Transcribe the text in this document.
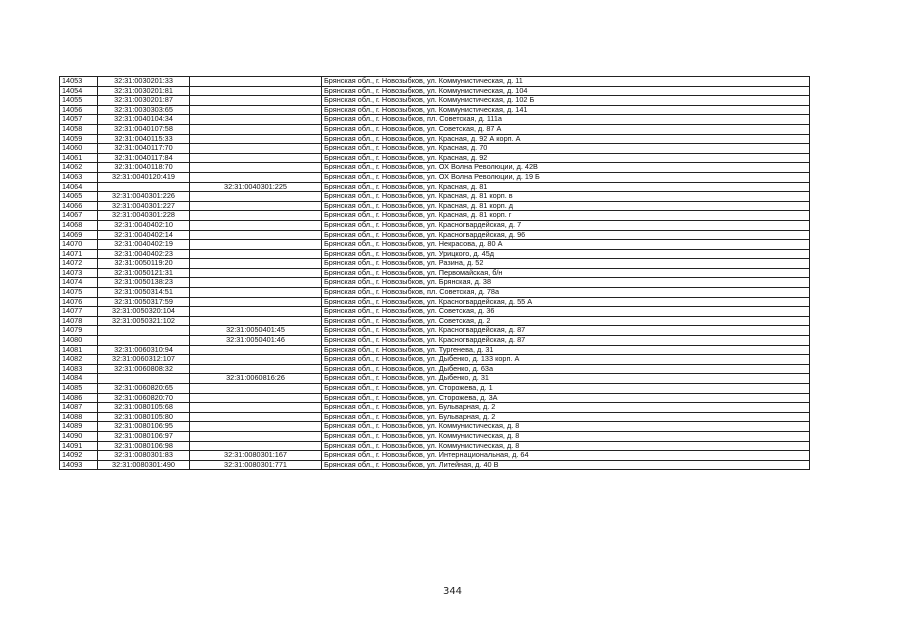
14053	32:31:0030201:33		Брянская обл., г. Новозыбков, ул. Коммунистическая, д. 11
14054	32:31:0030201:81		Брянская обл., г. Новозыбков, ул. Коммунистическая, д. 104
14055	32:31:0030201:87		Брянская обл., г. Новозыбков, ул. Коммунистическая, д. 102 Б
14056	32:31:0030303:65		Брянская обл., г. Новозыбков, ул. Коммунистическая, д. 141
14057	32:31:0040104:34		Брянская обл., г. Новозыбков, пл. Советская, д. 111а
14058	32:31:0040107:58		Брянская обл., г. Новозыбков, ул. Советская, д. 87 А
14059	32:31:0040115:33		Брянская обл., г. Новозыбков, ул. Красная, д. 92 А корп. А
14060	32:31:0040117:70		Брянская обл., г. Новозыбков, ул. Красная, д. 70
14061	32:31:0040117:84		Брянская обл., г. Новозыбков, ул. Красная, д. 92
14062	32:31:0040118:70		Брянская обл., г. Новозыбков, ул. ОХ Волна Революции, д. 42В
14063	32:31:0040120:419		Брянская обл., г. Новозыбков, ул. ОХ Волна Революции, д. 19 Б
14064		32:31:0040301:225	Брянская обл., г. Новозыбков, ул. Красная, д. 81
14065	32:31:0040301:226		Брянская обл., г. Новозыбков, ул. Красная, д. 81 корп. в
14066	32:31:0040301:227		Брянская обл., г. Новозыбков, ул. Красная, д. 81 корп. д
14067	32:31:0040301:228		Брянская обл., г. Новозыбков, ул. Красная, д. 81 корп. г
14068	32:31:0040402:10		Брянская обл., г. Новозыбков, ул. Красногвардейская, д. 7
14069	32:31:0040402:14		Брянская обл., г. Новозыбков, ул. Красногвардейская, д. 96
14070	32:31:0040402:19		Брянская обл., г. Новозыбков, ул. Некрасова, д. 80 А
14071	32:31:0040402:23		Брянская обл., г. Новозыбков, ул. Урицкого, д. 45д
14072	32:31:0050119:20		Брянская обл., г. Новозыбков, ул. Разина, д. 52
14073	32:31:0050121:31		Брянская обл., г. Новозыбков, ул. Первомайская, б/н
14074	32:31:0050138:23		Брянская обл., г. Новозыбков, ул. Брянская, д. 38
14075	32:31:0050314:51		Брянская обл., г. Новозыбков, пл. Советская, д. 78а
14076	32:31:0050317:59		Брянская обл., г. Новозыбков, ул. Красногвардейская, д. 55 А
14077	32:31:0050320:104		Брянская обл., г. Новозыбков, ул. Советская, д. 36
14078	32:31:0050321:102		Брянская обл., г. Новозыбков, ул. Советская, д. 2
14079		32:31:0050401:45	Брянская обл., г. Новозыбков, ул. Красногвардейская, д. 87
14080		32:31:0050401:46	Брянская обл., г. Новозыбков, ул. Красногвардейская, д. 87
14081	32:31:0060310:94		Брянская обл., г. Новозыбков, ул. Тургенева, д. 31
14082	32:31:0060312:107		Брянская обл., г. Новозыбков, ул. Дыбенко, д. 133 корп. А
14083	32:31:0060808:32		Брянская обл., г. Новозыбков, ул. Дыбенко, д. 63а
14084		32:31:0060816:26	Брянская обл., г. Новозыбков, ул. Дыбенко, д. 31
14085	32:31:0060820:65		Брянская обл., г. Новозыбков, ул. Сторожева, д. 1
14086	32:31:0060820:70		Брянская обл., г. Новозыбков, ул. Сторожева, д. 3А
14087	32:31:0080105:68		Брянская обл., г. Новозыбков, ул. Бульварная, д. 2
14088	32:31:0080105:80		Брянская обл., г. Новозыбков, ул. Бульварная, д. 2
14089	32:31:0080106:95		Брянская обл., г. Новозыбков, ул. Коммунистическая, д. 8
14090	32:31:0080106:97		Брянская обл., г. Новозыбков, ул. Коммунистическая, д. 8
14091	32:31:0080106:98		Брянская обл., г. Новозыбков, ул. Коммунистическая, д. 8
14092	32:31:0080301:83	32:31:0080301:167	Брянская обл., г. Новозыбков, ул. Интернациональная, д. 64
14093	32:31:0080301:490	32:31:0080301:771	Брянская обл., г. Новозыбков, ул. Литейная, д. 40 В
344
